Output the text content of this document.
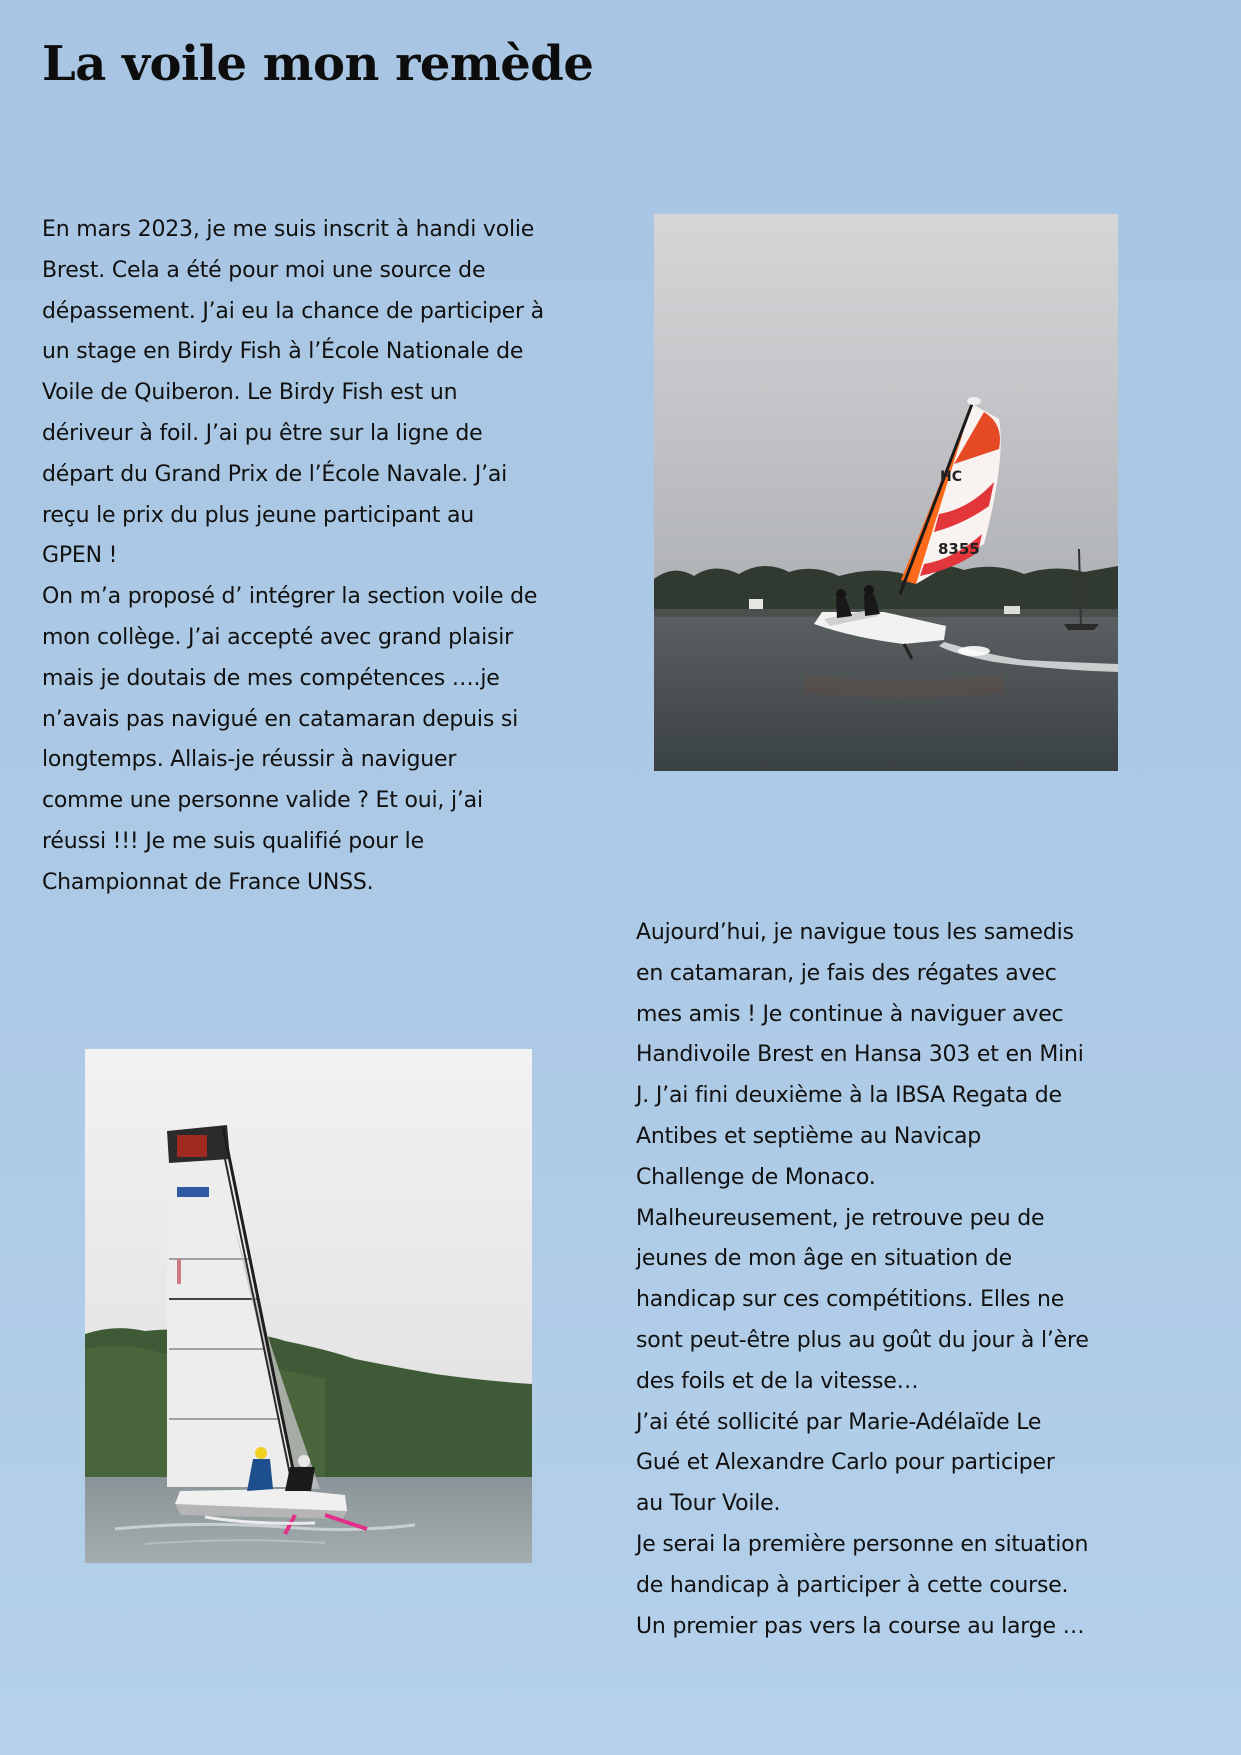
La voile mon remède
En mars 2023, je me suis inscrit à handi volie
Brest. Cela a été pour moi une source de
dépassement. J’ai eu la chance de participer à
un stage en Birdy Fish à l’École Nationale de
Voile de Quiberon. Le Birdy Fish est un
dériveur à foil. J’ai pu être sur la ligne de
départ du Grand Prix de l’École Navale. J’ai
reçu le prix du plus jeune participant au
GPEN !
On m’a proposé d’ intégrer la section voile de
mon collège. J’ai accepté avec grand plaisir
mais je doutais de mes compétences ….je
n’avais pas navigué en catamaran depuis si
longtemps. Allais-je réussir à naviguer
comme une personne valide ? Et oui, j’ai
réussi !!! Je me suis qualifié pour le
Championnat de France UNSS.
HC
8355
Aujourd’hui, je navigue tous les samedis
en catamaran, je fais des régates avec
mes amis ! Je continue à naviguer avec
Handivoile Brest en Hansa 303 et en Mini
J. J’ai fini deuxième à la IBSA Regata de
Antibes et septième au Navicap
Challenge de Monaco.
Malheureusement, je retrouve peu de
jeunes de mon âge en situation de
handicap sur ces compétitions. Elles ne
sont peut-être plus au goût du jour à l’ère
des foils et de la vitesse…
J’ai été sollicité par Marie-Adélaïde Le
Gué et Alexandre Carlo pour participer
au Tour Voile.
Je serai la première personne en situation
de handicap à participer à cette course.
Un premier pas vers la course au large …
